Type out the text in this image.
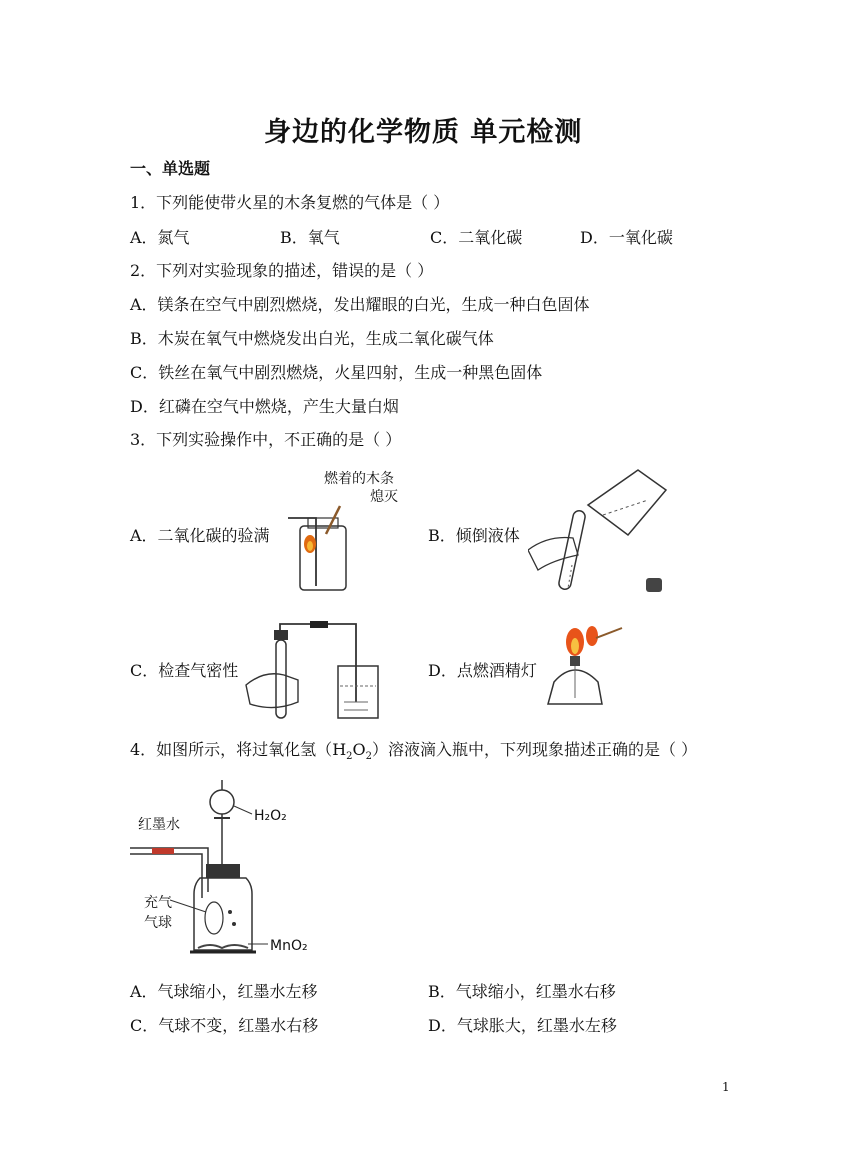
身边的化学物质 单元检测
一、单选题
1．下列能使带火星的木条复燃的气体是（ ）
A．氮气	B．氧气	C．二氧化碳	D．一氧化碳
2．下列对实验现象的描述，错误的是（ ）
A．镁条在空气中剧烈燃烧，发出耀眼的白光，生成一种白色固体
B．木炭在氧气中燃烧发出白光，生成二氧化碳气体
C．铁丝在氧气中剧烈燃烧，火星四射，生成一种黑色固体
D．红磷在空气中燃烧，产生大量白烟
3．下列实验操作中，不正确的是（ ）
A．二氧化碳的验满	B．倾倒液体
C．检查气密性	D．点燃酒精灯
燃着的木条
熄灭
4．如图所示，将过氧化氢$(H_2O_2)$溶液滴入瓶中，下列现象描述正确的是（ ）
红墨水
H₂O₂
充气
气球
MnO₂
A．气球缩小，红墨水左移	B．气球缩小，红墨水右移
C．气球不变，红墨水右移	D．气球胀大，红墨水左移
1
